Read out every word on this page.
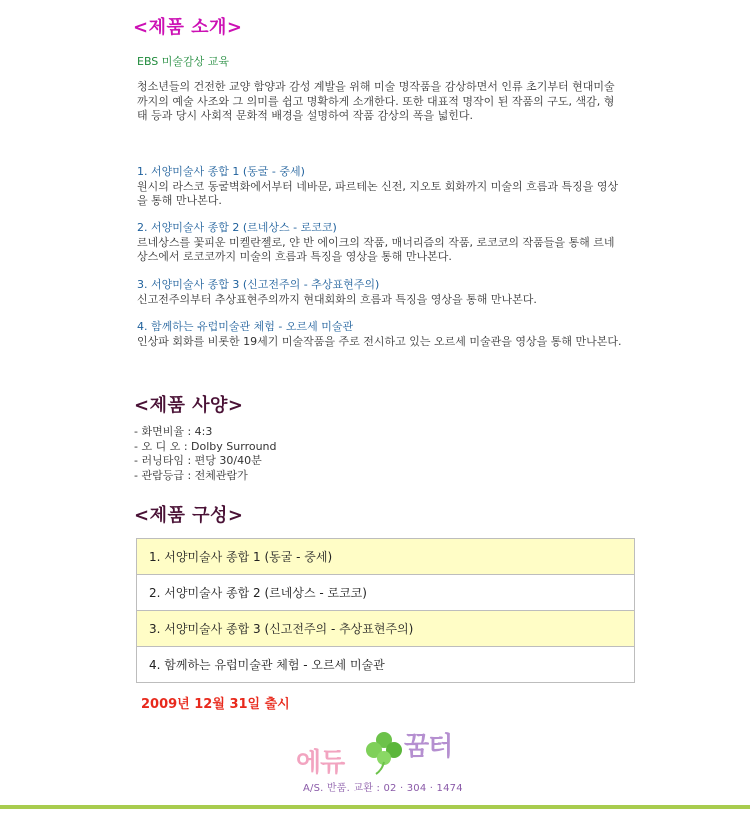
<제품 소개>
EBS 미술감상 교육
청소년들의 건전한 교양 함양과 감성 계발을 위해 미술 명작품을 감상하면서 인류 초기부터 현대미술까지의 예술 사조와 그 의미를 쉽고 명확하게 소개한다. 또한 대표적 명작이 된 작품의 구도, 색감, 형태 등과 당시 사회적 문화적 배경을 설명하여 작품 감상의 폭을 넓힌다.
1. 서양미술사 종합 1 (동굴 - 중세)
원시의 라스코 동굴벽화에서부터 네바문, 파르테논 신전, 지오토 회화까지 미술의 흐름과 특징을 영상을 통해 만나본다.
2. 서양미술사 종합 2 (르네상스 - 로코코)
르네상스를 꽃피운 미켈란젤로, 얀 반 에이크의 작품, 매너리즘의 작품, 로코코의 작품들을 통해 르네상스에서 로코코까지 미술의 흐름과 특징을 영상을 통해 만나본다.
3. 서양미술사 종합 3 (신고전주의 - 추상표현주의)
신고전주의부터 추상표현주의까지 현대회화의 흐름과 특징을 영상을 통해 만나본다.
4. 함께하는 유럽미술관 체험 - 오르세 미술관
인상파 회화를 비롯한 19세기 미술작품을 주로 전시하고 있는 오르세 미술관을 영상을 통해 만나본다.
<제품 사양>
- 화면비율 : 4:3
- 오 디 오 : Dolby Surround
- 러닝타임 : 편당 30/40분
- 관람등급 : 전체관람가
<제품 구성>
1. 서양미술사 종합 1 (동굴 - 중세)
2. 서양미술사 종합 2 (르네상스 - 로코코)
3. 서양미술사 종합 3 (신고전주의 - 추상표현주의)
4. 함께하는 유럽미술관 체험 - 오르세 미술관
2009년 12월 31일 출시
에듀
꿈터
A/S. 반품. 교환 : 02 · 304 · 1474
